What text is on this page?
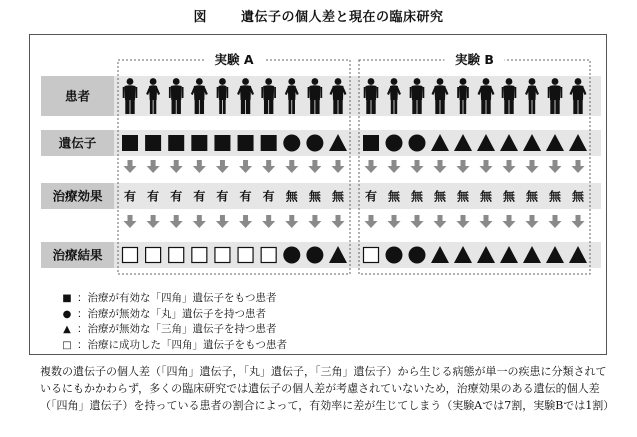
図	遺伝子の個人差と現在の臨床研究
患者
遺伝子
治療効果
治療結果
実験 A	実験 B
有 有 有 有 有 有 有 無 無 無 有 無 無 無 無 無 無 無 無 無
■ ：治療が有効な「四角」遺伝子をもつ患者
● ：治療が無効な「丸」遺伝子を持つ患者
▲ ：治療が無効な「三角」遺伝子を持つ患者
□ ：治療に成功した「四角」遺伝子をもつ患者
複数の遺伝子の個人差（「四角」遺伝子，「丸」遺伝子，「三角」遺伝子）から生じる病態が単一の疾患に分類されているにもかかわらず，多くの臨床研究では遺伝子の個人差が考慮されていないため，治療効果のある遺伝的個人差（「四角」遺伝子）を持っている患者の割合によって，有効率に差が生じてしまう（実験Aでは7割，実験Bでは1割）
